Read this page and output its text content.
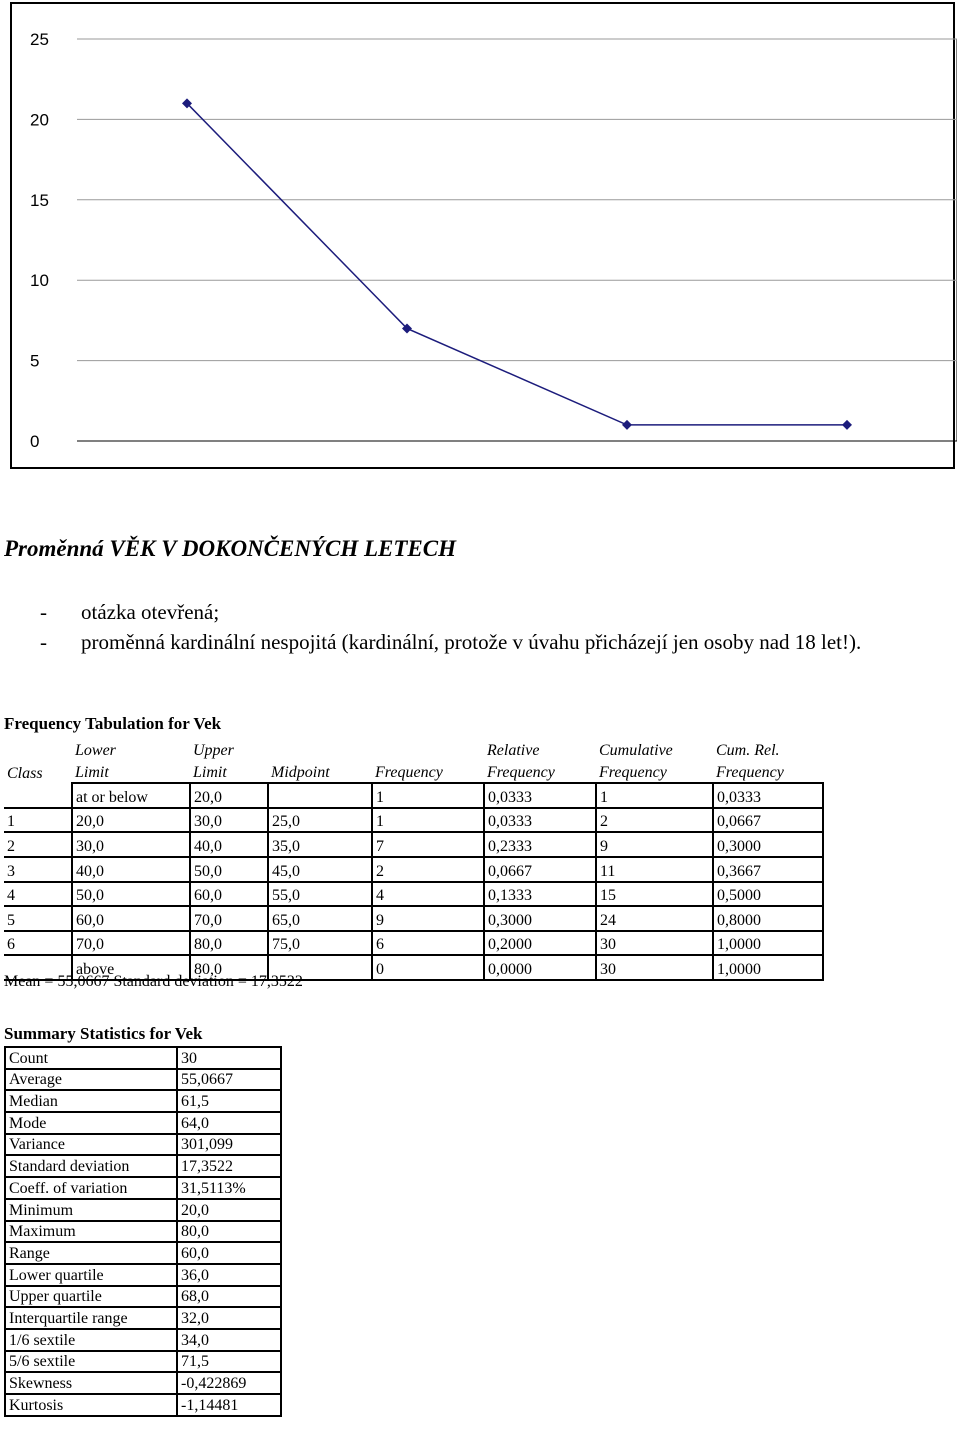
25
20
15
10
5
0
Proměnná VĚK V DOKONČENÝCH LETECH
- otázka otevřená;
- proměnná kardinální nespojitá (kardinální, protože v úvahu přicházejí jen osoby nad 18 let!).
Frequency Tabulation for Vek
	Lower	Upper			Relative	Cumulative	Cum. Rel.
Class	Limit	Limit	Midpoint	Frequency	Frequency	Frequency	Frequency
	at or below	20,0		1	0,0333	1	0,0333
1	20,0	30,0	25,0	1	0,0333	2	0,0667
2	30,0	40,0	35,0	7	0,2333	9	0,3000
3	40,0	50,0	45,0	2	0,0667	11	0,3667
4	50,0	60,0	55,0	4	0,1333	15	0,5000
5	60,0	70,0	65,0	9	0,3000	24	0,8000
6	70,0	80,0	75,0	6	0,2000	30	1,0000
	above	80,0		0	0,0000	30	1,0000
Mean = 55,0667 Standard deviation = 17,3522
Summary Statistics for Vek
Count	30
Average	55,0667
Median	61,5
Mode	64,0
Variance	301,099
Standard deviation	17,3522
Coeff. of variation	31,5113%
Minimum	20,0
Maximum	80,0
Range	60,0
Lower quartile	36,0
Upper quartile	68,0
Interquartile range	32,0
1/6 sextile	34,0
5/6 sextile	71,5
Skewness	-0,422869
Kurtosis	-1,14481
